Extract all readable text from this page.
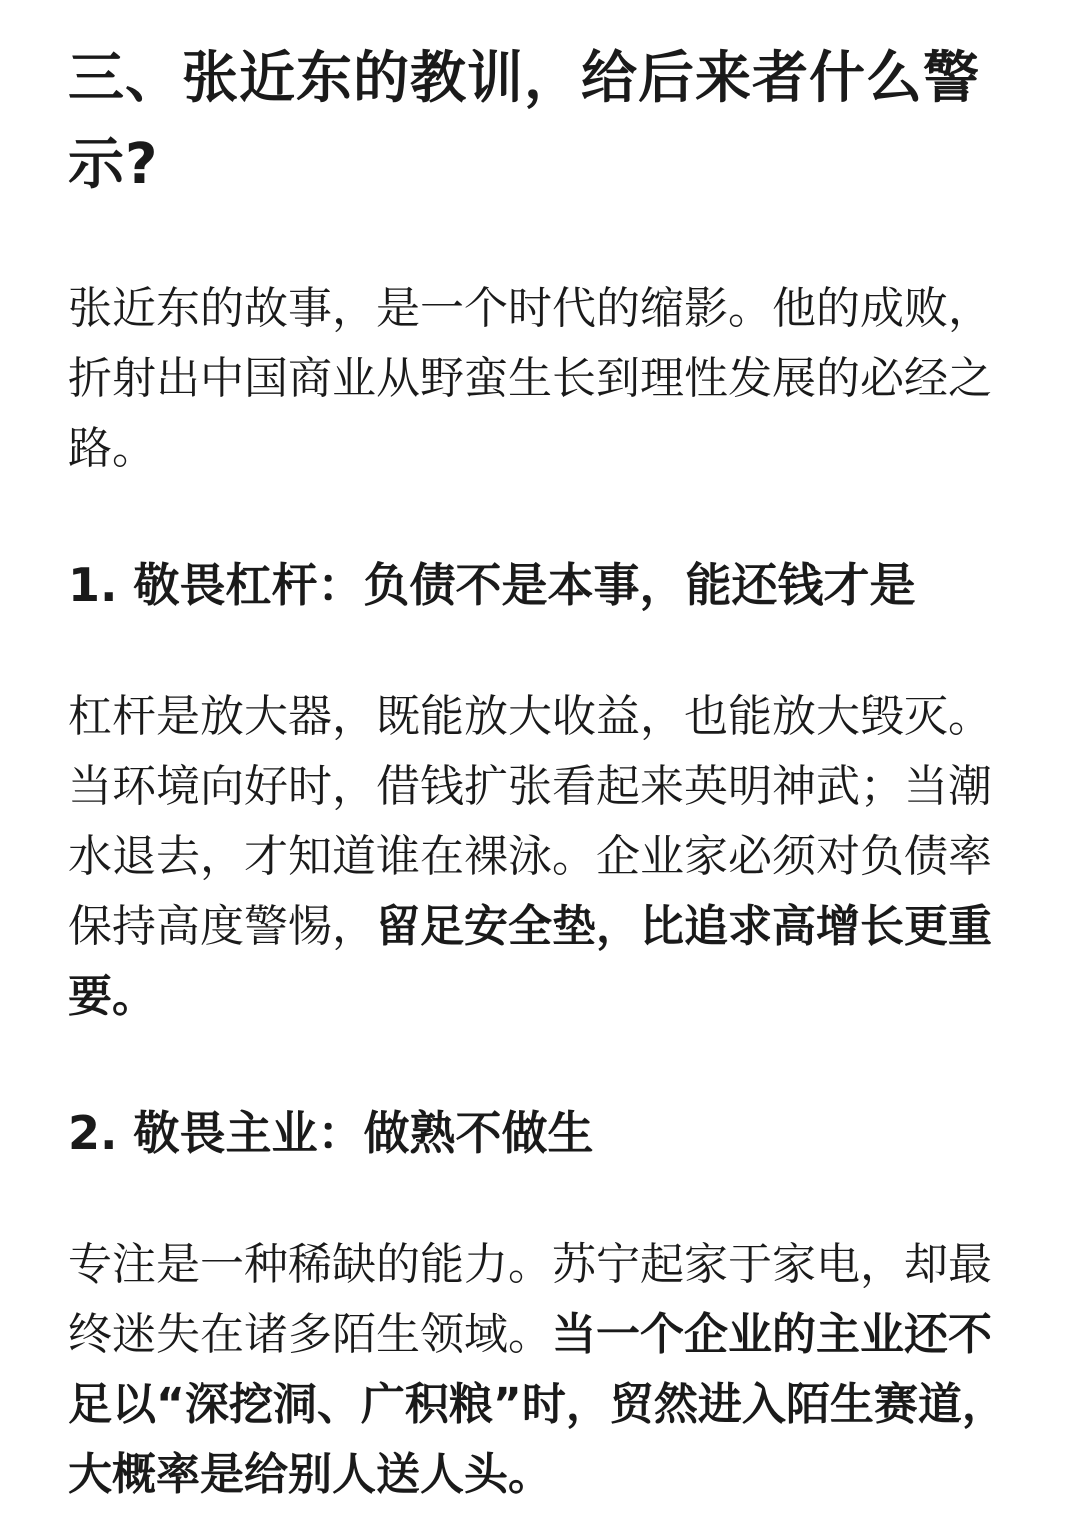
三、张近东的教训，给后来者什么警示?

张近东的故事，是一个时代的缩影。他的成败，折射出中国商业从野蛮生长到理性发展的必经之路。

1. 敬畏杠杆：负债不是本事，能还钱才是

杠杆是放大器，既能放大收益，也能放大毁灭。当环境向好时，借钱扩张看起来英明神武；当潮水退去，才知道谁在裸泳。企业家必须对负债率保持高度警惕，留足安全垫，比追求高增长更重要。

2. 敬畏主业：做熟不做生

专注是一种稀缺的能力。苏宁起家于家电，却最终迷失在诸多陌生领域。当一个企业的主业还不足以“深挖洞、广积粮”时，贸然进入陌生赛道，大概率是给别人送人头。
